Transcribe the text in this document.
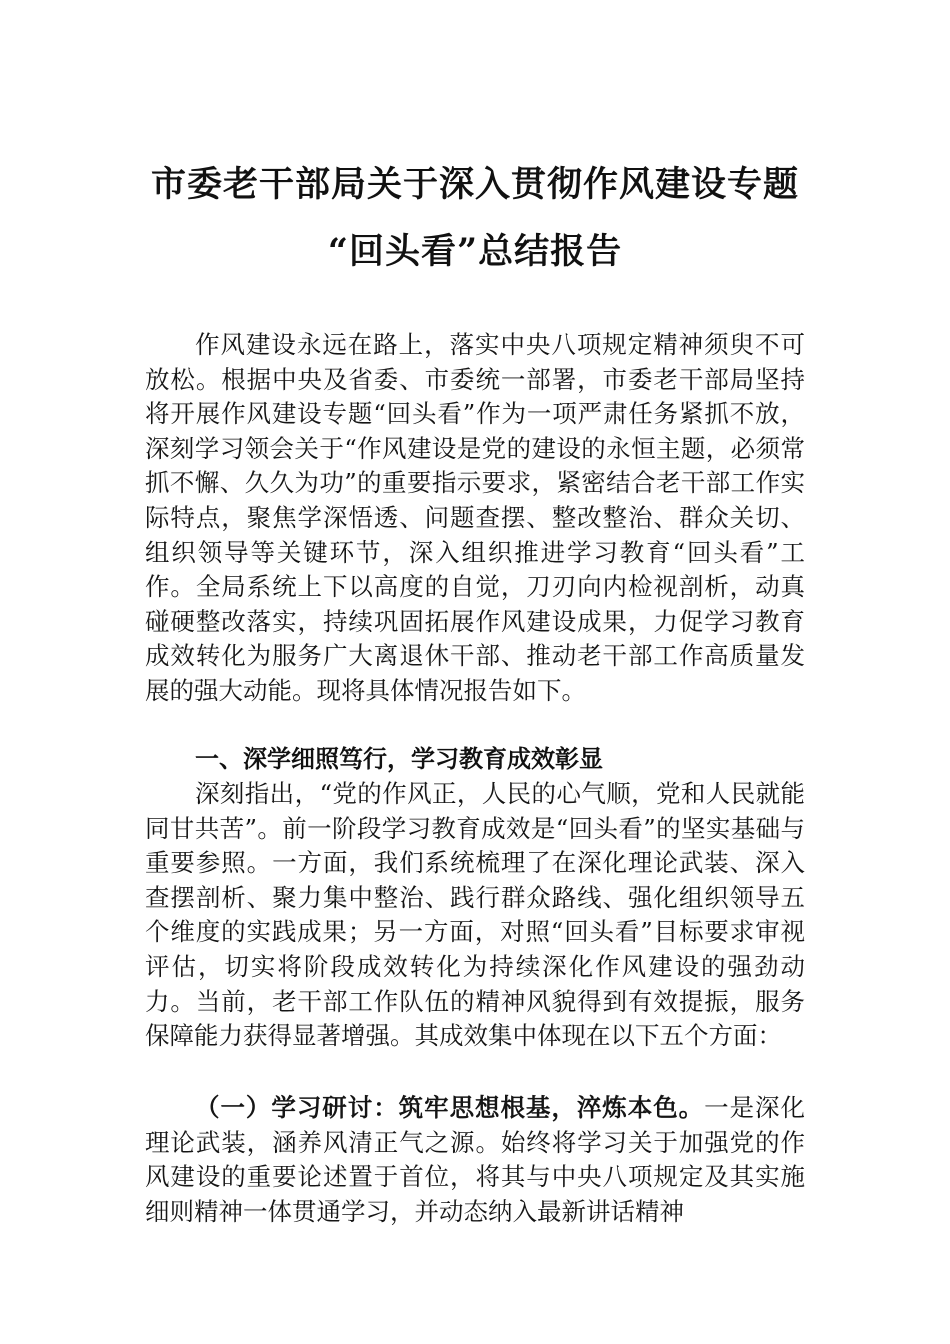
市委老干部局关于深入贯彻作风建设专题
“回头看”总结报告
作风建设永远在路上，落实中央八项规定精神须臾不可放松。根据中央及省委、市委统一部署，市委老干部局坚持将开展作风建设专题“回头看”作为一项严肃任务紧抓不放，深刻学习领会关于“作风建设是党的建设的永恒主题，必须常抓不懈、久久为功”的重要指示要求，紧密结合老干部工作实际特点，聚焦学深悟透、问题查摆、整改整治、群众关切、组织领导等关键环节，深入组织推进学习教育“回头看”工作。全局系统上下以高度的自觉，刀刃向内检视剖析，动真碰硬整改落实，持续巩固拓展作风建设成果，力促学习教育成效转化为服务广大离退休干部、推动老干部工作高质量发展的强大动能。现将具体情况报告如下。
一、深学细照笃行，学习教育成效彰显
深刻指出，“党的作风正，人民的心气顺，党和人民就能同甘共苦”。前一阶段学习教育成效是“回头看”的坚实基础与重要参照。一方面，我们系统梳理了在深化理论武装、深入查摆剖析、聚力集中整治、践行群众路线、强化组织领导五个维度的实践成果；另一方面，对照“回头看”目标要求审视评估，切实将阶段成效转化为持续深化作风建设的强劲动力。当前，老干部工作队伍的精神风貌得到有效提振，服务保障能力获得显著增强。其成效集中体现在以下五个方面：
（一）学习研讨：筑牢思想根基，淬炼本色。一是深化理论武装，涵养风清正气之源。始终将学习关于加强党的作风建设的重要论述置于首位，将其与中央八项规定及其实施细则精神一体贯通学习，并动态纳入最新讲话精神
